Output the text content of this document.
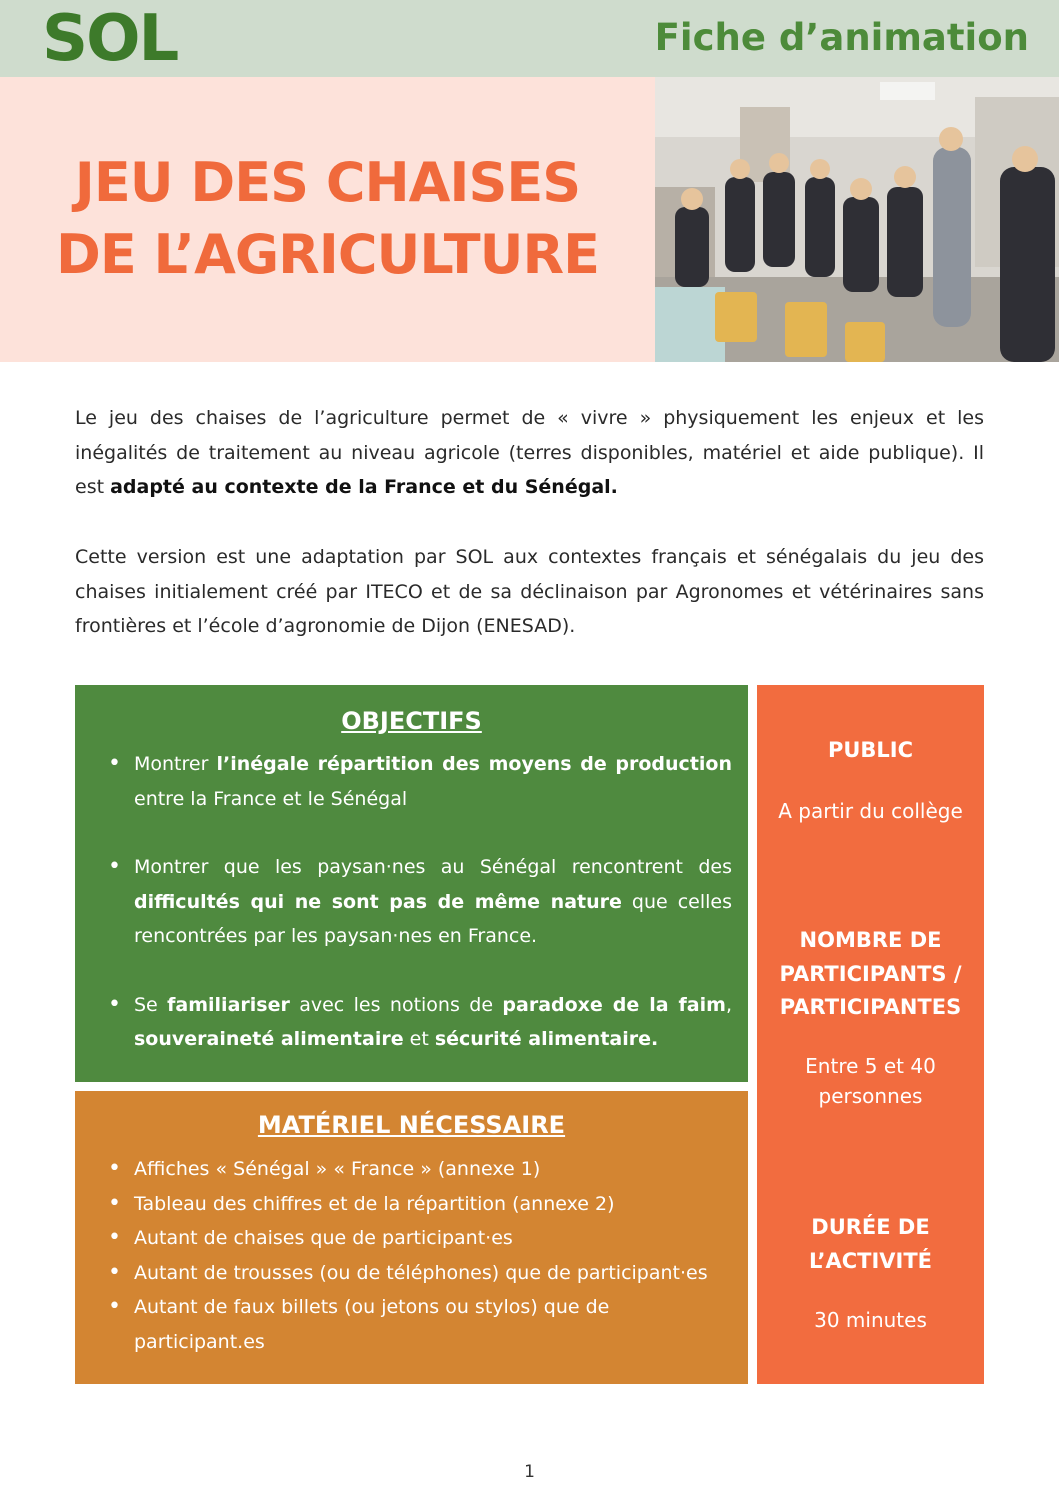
SOL	Fiche d’animation
JEU DES CHAISES
DE L’AGRICULTURE

Le jeu des chaises de l’agriculture permet de « vivre » physiquement les enjeux et les inégalités de traitement au niveau agricole (terres disponibles, matériel et aide publique). Il est adapté au contexte de la France et du Sénégal.

Cette version est une adaptation par SOL aux contextes français et sénégalais du jeu des chaises initialement créé par ITECO et de sa déclinaison par Agronomes et vétérinaires sans frontières et l’école d’agronomie de Dijon (ENESAD).

OBJECTIFS
• Montrer l’inégale répartition des moyens de production entre la France et le Sénégal
• Montrer que les paysan·nes au Sénégal rencontrent des difficultés qui ne sont pas de même nature que celles rencontrées par les paysan·nes en France.
• Se familiariser avec les notions de paradoxe de la faim, souveraineté alimentaire et sécurité alimentaire.
MATÉRIEL NÉCESSAIRE
• Affiches « Sénégal » « France » (annexe 1)
• Tableau des chiffres et de la répartition (annexe 2)
• Autant de chaises que de participant·es
• Autant de trousses (ou de téléphones) que de participant·es
• Autant de faux billets (ou jetons ou stylos) que de participant.es

PUBLIC

A partir du collège

NOMBRE DE

PARTICIPANTS /

PARTICIPANTES

Entre 5 et 40

personnes

DURÉE DE

L’ACTIVITÉ

30 minutes

1
